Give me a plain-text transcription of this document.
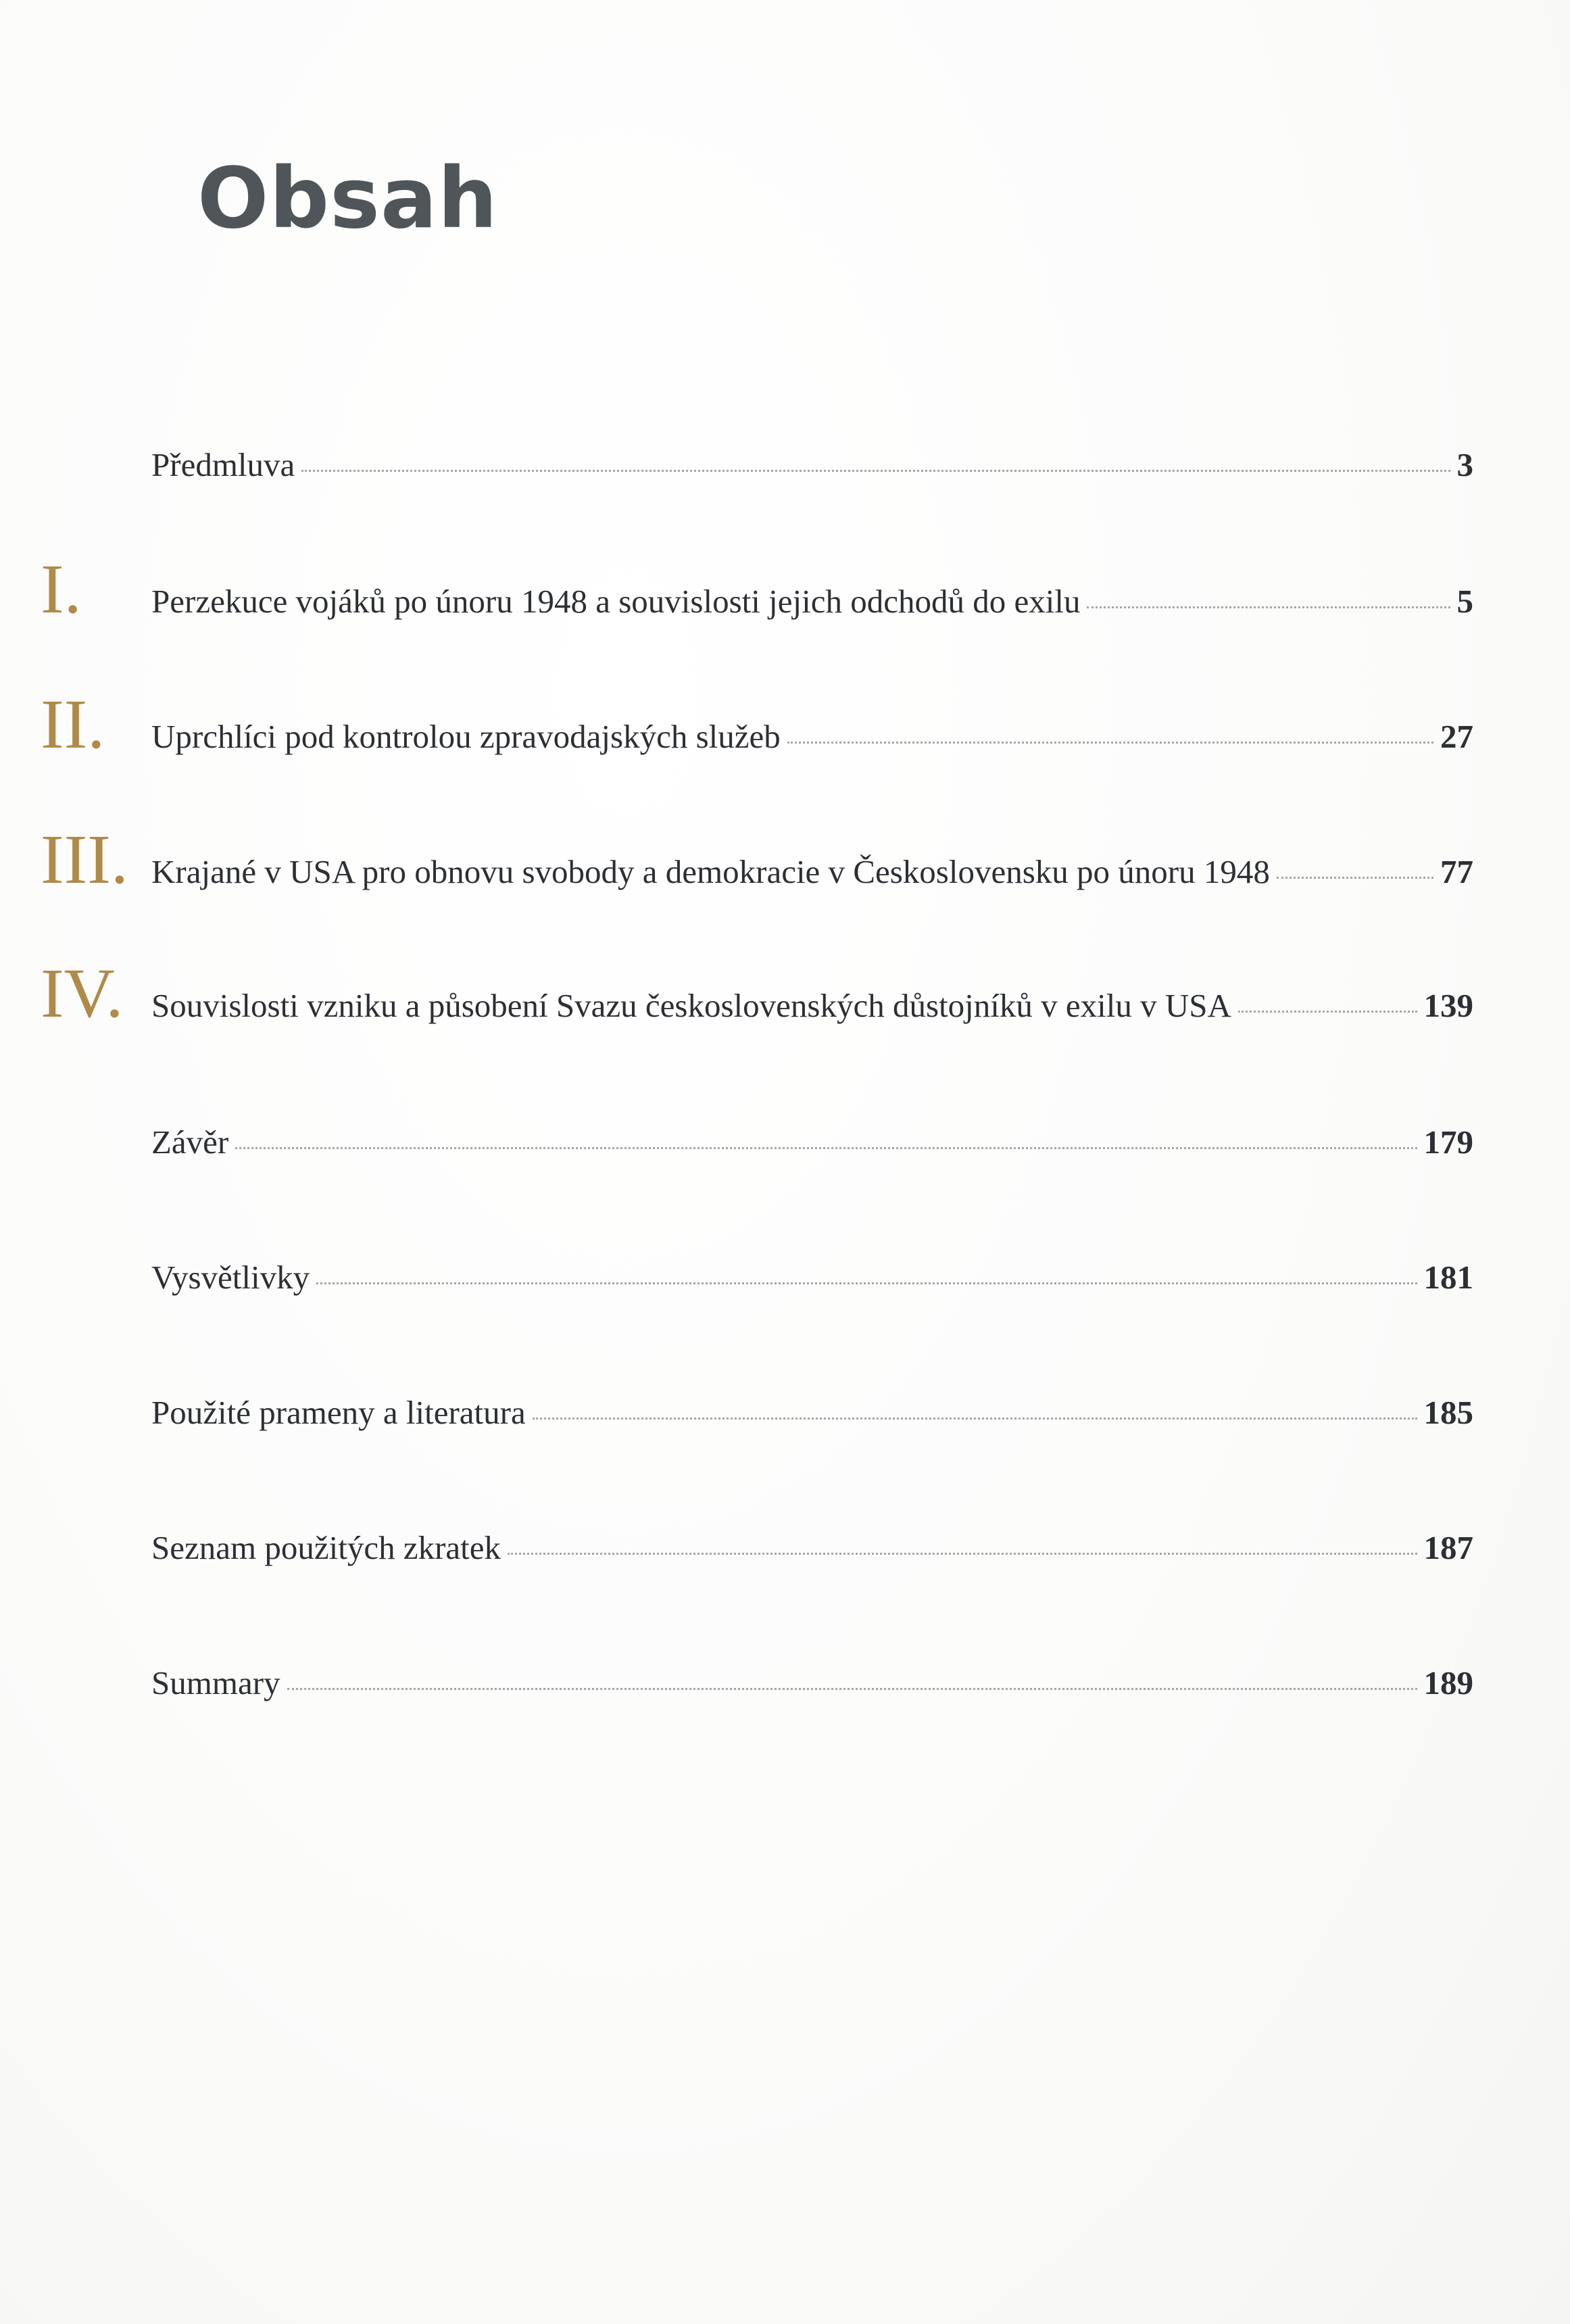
Obsah
Předmluva	3
I.	Perzekuce vojáků po únoru 1948 a souvislosti jejich odchodů do exilu	5
II.	Uprchlíci pod kontrolou zpravodajských služeb	27
III. Krajané v USA pro obnovu svobody a demokracie v Československu po únoru 1948	77
IV. Souvislosti vzniku a působení Svazu československých důstojníků v exilu v USA	139
Závěr	179
Vysvětlivky	181
Použité prameny a literatura	185
Seznam použitých zkratek	187
Summary	189
